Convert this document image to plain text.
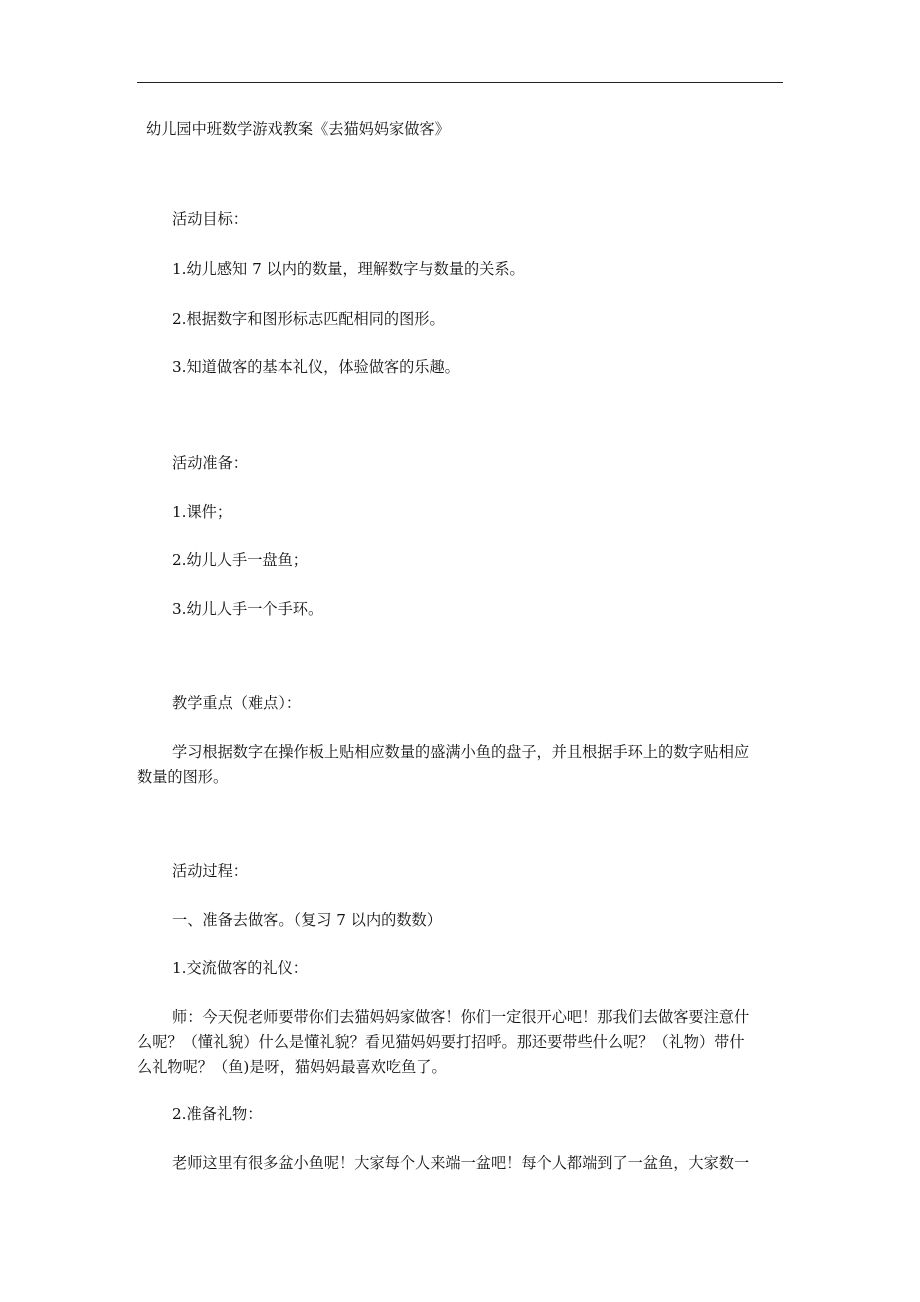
幼儿园中班数学游戏教案《去猫妈妈家做客》
活动目标：
1.幼儿感知 7 以内的数量，理解数字与数量的关系。
2.根据数字和图形标志匹配相同的图形。
3.知道做客的基本礼仪，体验做客的乐趣。
活动准备：
1.课件；
2.幼儿人手一盘鱼；
3.幼儿人手一个手环。
教学重点（难点）：
学习根据数字在操作板上贴相应数量的盛满小鱼的盘子，并且根据手环上的数字贴相应
数量的图形。
活动过程：
一、准备去做客。（复习 7 以内的数数）
1.交流做客的礼仪：
师：今天倪老师要带你们去猫妈妈家做客！你们一定很开心吧！那我们去做客要注意什
么呢？（懂礼貌）什么是懂礼貌？看见猫妈妈要打招呼。那还要带些什么呢？（礼物）带什
么礼物呢？（鱼)是呀，猫妈妈最喜欢吃鱼了。
2.准备礼物：
老师这里有很多盆小鱼呢！大家每个人来端一盆吧！每个人都端到了一盆鱼，大家数一
